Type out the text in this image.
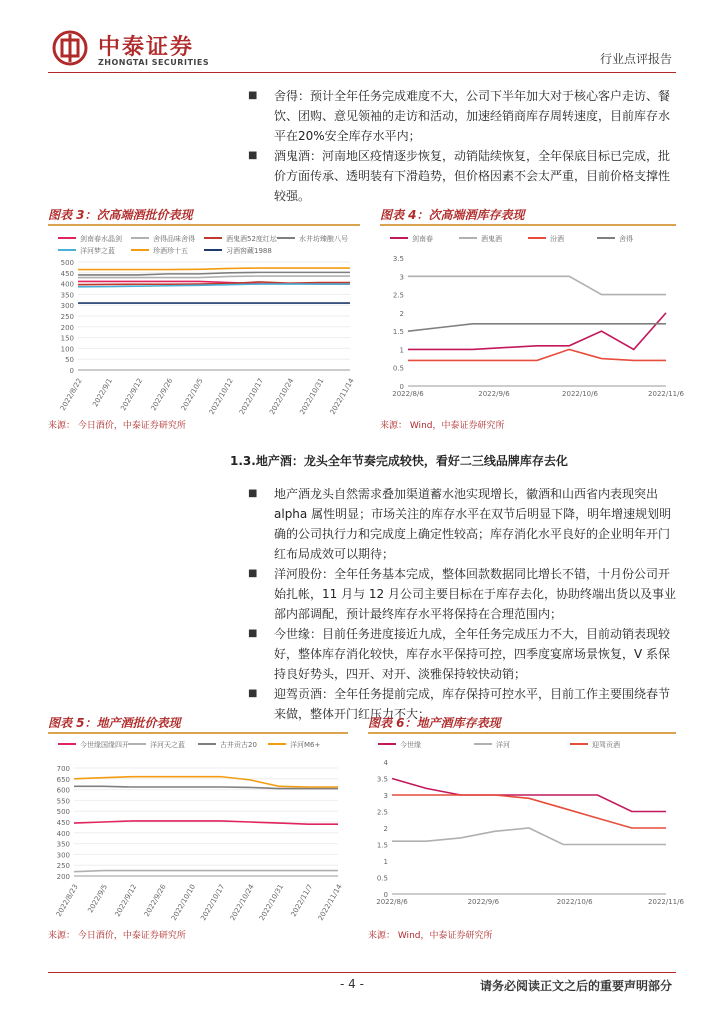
中泰证券
ZHONGTAI SECURITIES	行业点评报告

■ 舍得：预计全年任务完成难度不大，公司下半年加大对于核心客户走访、餐饮、团购、意见领袖的走访和活动，加速经销商库存周转速度，目前库存水平在20%安全库存水平内；

■ 酒鬼酒：河南地区疫情逐步恢复，动销陆续恢复，全年保底目标已完成，批价方面传承、透明装有下滑趋势，但价格因素不会太严重，目前价格支撑性较强。

图表 3：次高端酒批价表现
剑南春水晶剑	舍得品味舍得	酒鬼酒52度红坛	水井坊臻酿八号
洋河梦之蓝	珍酒珍十五	习酒窖藏1988
0
50
100
150
200
250
300
350
400
450
500
2022/8/22 2022/9/1 2022/9/12 2022/9/26 2022/10/5 2022/10/12 2022/10/17 2022/10/24 2022/10/31 2022/11/14
来源： 今日酒价，中泰证券研究所
图表 4：次高端酒库存表现
剑南春	酒鬼酒	汾酒	舍得
0
0.5
1
1.5
2
2.5
3
3.5
2022/8/6	2022/9/6	2022/10/6	2022/11/6
来源： Wind，中泰证券研究所
1.3.地产酒：龙头全年节奏完成较快，看好二三线品牌库存去化

■ 地产酒龙头自然需求叠加渠道蓄水池实现增长，徽酒和山西省内表现突出 alpha 属性明显；市场关注的库存水平在双节后明显下降，明年增速规划明确的公司执行力和完成度上确定性较高；库存消化水平良好的企业明年开门红布局成效可以期待；

■ 洋河股份：全年任务基本完成，整体回款数据同比增长不错，十月份公司开始扎帐，11 月与 12 月公司主要目标在于库存去化，协助终端出货以及事业部内部调配，预计最终库存水平将保持在合理范围内；

■ 今世缘：目前任务进度接近九成，全年任务完成压力不大，目前动销表现较好，整体库存消化较快，库存水平保持可控，四季度宴席场景恢复，V 系保持良好势头，四开、对开、淡雅保持较快动销；

■ 迎驾贡酒：全年任务提前完成，库存保持可控水平，目前工作主要围绕春节来做，整体开门红压力不大；

图表 5：地产酒批价表现
今世缘国缘四开	洋河天之蓝	古井贡古20	洋河M6+
200
250
300
350
400
450
500
550
600
650
700
2022/8/23 2022/9/5 2022/9/12 2022/9/26 2022/10/10 2022/10/17 2022/10/24 2022/10/31 2022/11/7 2022/11/14
来源： 今日酒价，中泰证券研究所
图表 6：地产酒库存表现
今世缘	洋河	迎驾贡酒
0
0.5
1
1.5
2
2.5
3
3.5
4
2022/8/6	2022/9/6	2022/10/6	2022/11/6
来源： Wind，中泰证券研究所
- 4 -	请务必阅读正文之后的重要声明部分
